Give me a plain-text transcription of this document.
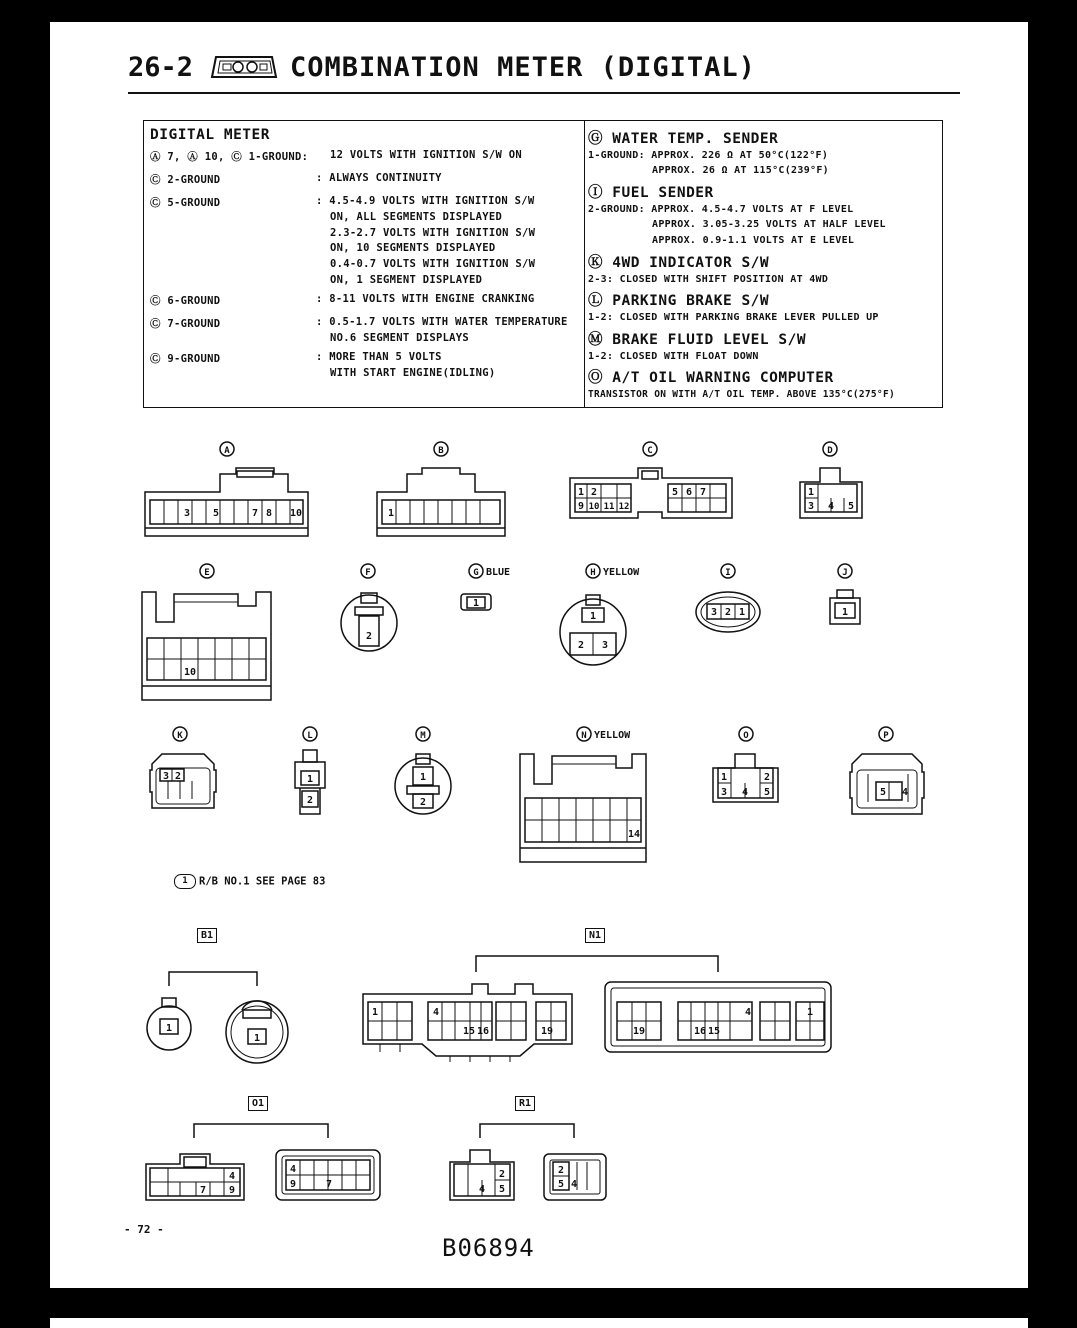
26-2	COMBINATION METER (DIGITAL)
DIGITAL METER
Ⓐ 7, Ⓐ 10, Ⓒ 1-GROUND: 12 VOLTS WITH IGNITION S/W ON
Ⓒ 2-GROUND	: ALWAYS CONTINUITY
Ⓒ 5-GROUND	: 4.5-4.9 VOLTS WITH IGNITION S/W
ON, ALL SEGMENTS DISPLAYED
2.3-2.7 VOLTS WITH IGNITION S/W
ON, 10 SEGMENTS DISPLAYED
0.4-0.7 VOLTS WITH IGNITION S/W
ON, 1 SEGMENT DISPLAYED
Ⓒ 6-GROUND	: 8-11 VOLTS WITH ENGINE CRANKING
Ⓒ 7-GROUND	: 0.5-1.7 VOLTS WITH WATER TEMPERATURE
NO.6 SEGMENT DISPLAYS
Ⓒ 9-GROUND	: MORE THAN 5 VOLTS
WITH START ENGINE(IDLING)
Ⓖ WATER TEMP. SENDER
1-GROUND: APPROX. 226 Ω AT 50°C(122°F)
APPROX. 26 Ω AT 115°C(239°F)
Ⓘ FUEL SENDER
2-GROUND: APPROX. 4.5-4.7 VOLTS AT F LEVEL
APPROX. 3.05-3.25 VOLTS AT HALF LEVEL
APPROX. 0.9-1.1 VOLTS AT E LEVEL
Ⓚ 4WD INDICATOR S/W
2-3: CLOSED WITH SHIFT POSITION AT 4WD
Ⓛ PARKING BRAKE S/W
1-2: CLOSED WITH PARKING BRAKE LEVER PULLED UP
Ⓜ BRAKE FLUID LEVEL S/W
1-2: CLOSED WITH FLOAT DOWN
Ⓞ A/T OIL WARNING COMPUTER
TRANSISTOR ON WITH A/T OIL TEMP. ABOVE 135°C(275°F)
A
3 5	7 8 10
B
1
C
1 2	5 6 7
9 10 11 12
D
1
3 4 5
E
10
F
2
G BLUE
1
H YELLOW
1
2 3
I
3 2 1
J
1
K
3 2
L
1
2
M
1
2
N YELLOW
14
O
1	2
3 4 5
P
5 4
1
1
1	4
15 16	19	19	16 15
4	1
4
7 9
4
9	7
2
4 5
2
5 4
1 R/B NO.1 SEE PAGE 83
B1	N1
O1	R1
- 72 -
B06894
